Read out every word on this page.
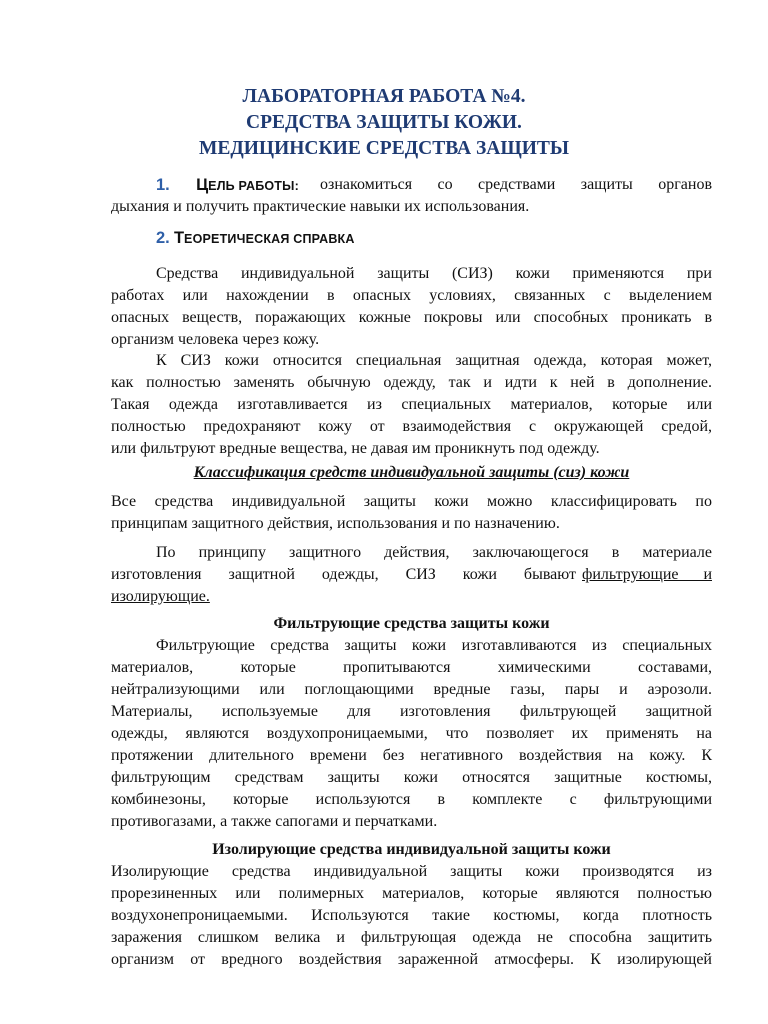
ЛАБОРАТОРНАЯ РАБОТА №4.
СРЕДСТВА ЗАЩИТЫ КОЖИ.
МЕДИЦИНСКИЕ СРЕДСТВА ЗАЩИТЫ
1. ЦЕЛЬ РАБОТЫ: ознакомиться со средствами защиты органов
дыхания и получить практические навыки их использования.
2. ТЕОРЕТИЧЕСКАЯ СПРАВКА
Средства индивидуальной защиты (СИЗ) кожи применяются при
работах или нахождении в опасных условиях, связанных с выделением
опасных веществ, поражающих кожные покровы или способных проникать в
организм человека через кожу.
К СИЗ кожи относится специальная защитная одежда, которая может,
как полностью заменять обычную одежду, так и идти к ней в дополнение.
Такая одежда изготавливается из специальных материалов, которые или
полностью предохраняют кожу от взаимодействия с окружающей средой,
или фильтруют вредные вещества, не давая им проникнуть под одежду.
Классификация средств индивидуальной защиты (сиз) кожи
Все средства индивидуальной защиты кожи можно классифицировать по
принципам защитного действия, использования и по назначению.
По принципу защитного действия, заключающегося в материале
изготовления защитной одежды, СИЗ кожи бывают фильтрующие и
изолирующие.
Фильтрующие средства защиты кожи
Фильтрующие средства защиты кожи изготавливаются из специальных
материалов, которые пропитываются химическими составами,
нейтрализующими или поглощающими вредные газы, пары и аэрозоли.
Материалы, используемые для изготовления фильтрующей защитной
одежды, являются воздухопроницаемыми, что позволяет их применять на
протяжении длительного времени без негативного воздействия на кожу. К
фильтрующим средствам защиты кожи относятся защитные костюмы,
комбинезоны, которые используются в комплекте с фильтрующими
противогазами, а также сапогами и перчатками.
Изолирующие средства индивидуальной защиты кожи
Изолирующие средства индивидуальной защиты кожи производятся из
прорезиненных или полимерных материалов, которые являются полностью
воздухонепроницаемыми. Используются такие костюмы, когда плотность
заражения слишком велика и фильтрующая одежда не способна защитить
организм от вредного воздействия зараженной атмосферы. К изолирующей
